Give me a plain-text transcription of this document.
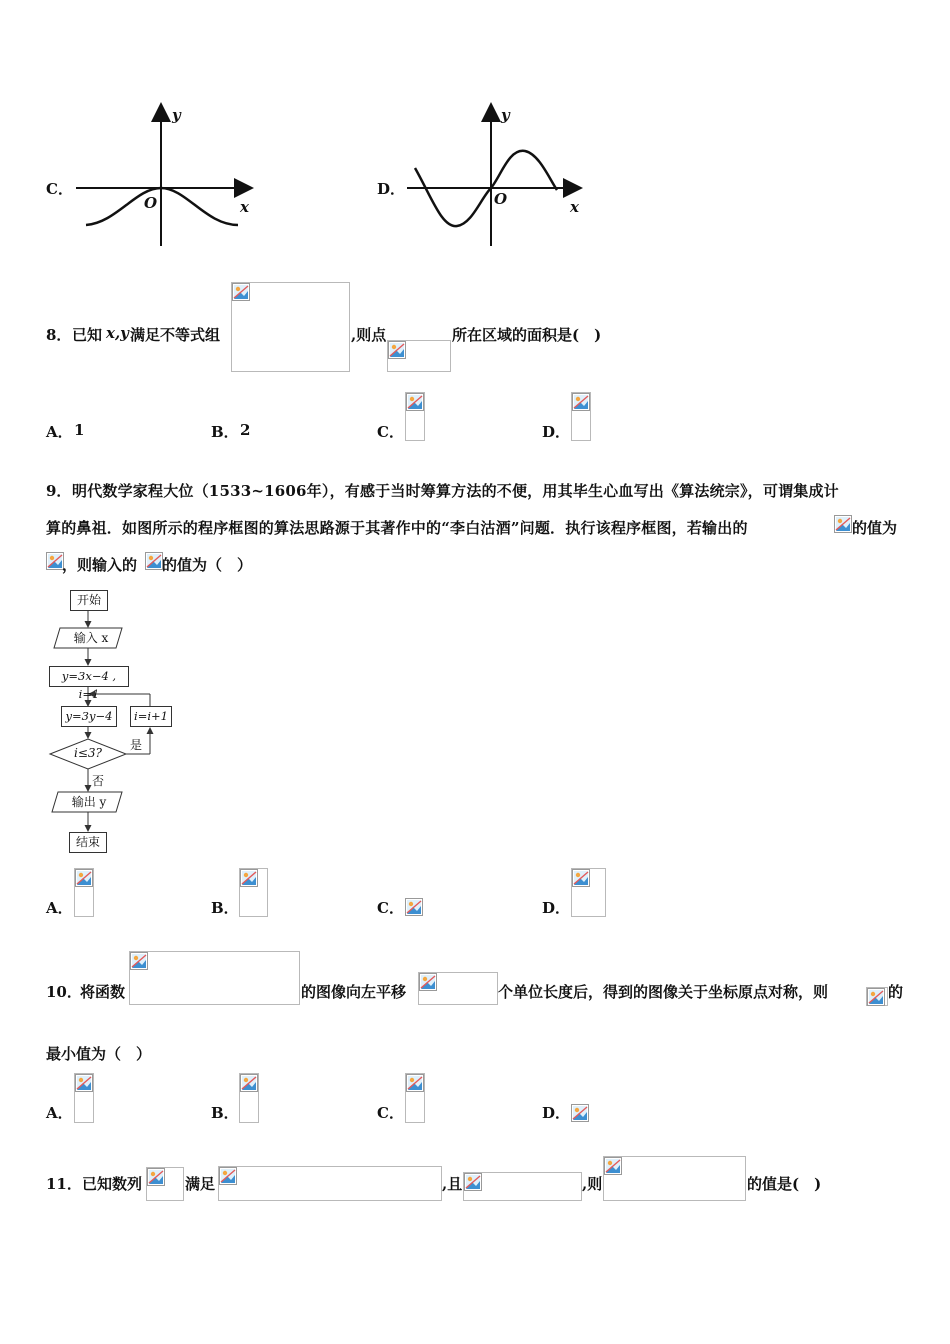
C．
y
x
O
D．
y
x
O
8． 已知 x,y 满足不等式组	,则点	所在区域的面积是(　)
A． 1	B． 2	C．	D．
9． 明代数学家程大位（1533~1606年），有感于当时筹算方法的不便，用其毕生心血写出《算法统宗》，可谓集成计
算的鼻祖．如图所示的程序框图的算法思路源于其著作中的“李白沽酒”问题．执行该程序框图，若输出的	的值为
，则输入的 的值为（　）
开始
输入 x
y=3x−4 , i=1
y=3y−4	i=i+1
i≤3?
是
否
输出 y
结束
A．	B．	C．	D．
10．
将函数	的图像向左平移	个单位长度后，得到的图像关于坐标原点对称，则	的
最小值为（　）
A．	B．	C．	D．
11． 已知数列	满足	,且	,则	的值是(　)
